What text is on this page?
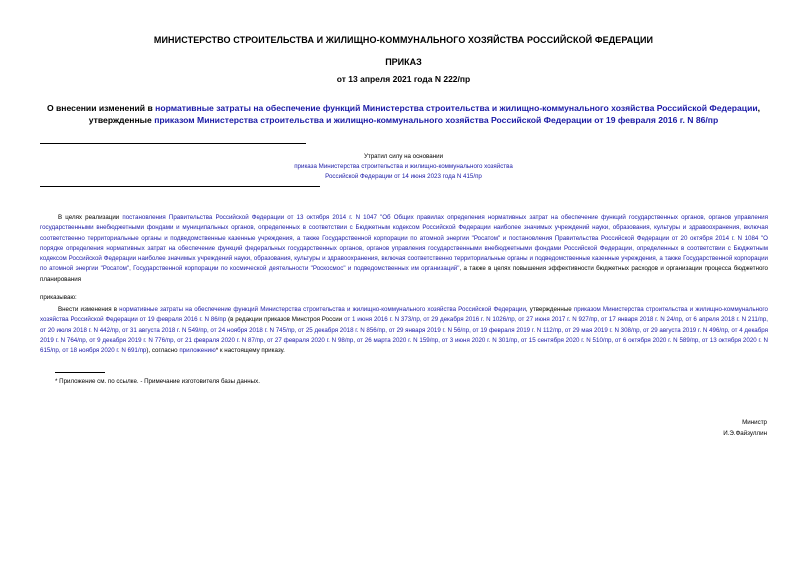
МИНИСТЕРСТВО СТРОИТЕЛЬСТВА И ЖИЛИЩНО-КОММУНАЛЬНОГО ХОЗЯЙСТВА РОССИЙСКОЙ ФЕДЕРАЦИИ
ПРИКАЗ
от 13 апреля 2021 года N 222/пр
О внесении изменений в нормативные затраты на обеспечение функций Министерства строительства и жилищно-коммунального хозяйства Российской Федерации, утвержденные приказом Министерства строительства и жилищно-коммунального хозяйства Российской Федерации от 19 февраля 2016 г. N 86/пр
Утратил силу на основании
приказа Министерства строительства и жилищно-коммунального хозяйства
Российской Федерации от 14 июня 2023 года N 415/пр
В целях реализации постановления Правительства Российской Федерации от 13 октября 2014 г. N 1047 "Об Общих правилах определения нормативных затрат на обеспечение функций государственных органов, органов управления государственными внебюджетными фондами и муниципальных органов, определенных в соответствии с Бюджетным кодексом Российской Федерации наиболее значимых учреждений науки, образования, культуры и здравоохранения, включая соответственно территориальные органы и подведомственные казенные учреждения, а также Государственной корпорации по атомной энергии "Росатом" и постановления Правительства Российской Федерации от 20 октября 2014 г. N 1084 "О порядке определения нормативных затрат на обеспечение функций федеральных государственных органов, органов управления государственными внебюджетными фондами Российской Федерации, определенных в соответствии с Бюджетным кодексом Российской Федерации наиболее значимых учреждений науки, образования, культуры и здравоохранения, включая соответственно территориальные органы и подведомственные казенные учреждения, а также Государственной корпорации по атомной энергии "Росатом", Государственной корпорации по космической деятельности "Роскосмос" и подведомственных им организаций", а также в целях повышения эффективности бюджетных расходов и организации процесса бюджетного планирования
приказываю:
Внести изменения в нормативные затраты на обеспечение функций Министерства строительства и жилищно-коммунального хозяйства Российской Федерации, утвержденные приказом Министерства строительства и жилищно-коммунального хозяйства Российской Федерации от 19 февраля 2016 г. N 86/пр (в редакции приказов Минстроя России от 1 июня 2016 г. N 373/пр, от 29 декабря 2016 г. N 1026/пр, от 27 июня 2017 г. N 927/пр, от 17 января 2018 г. N 24/пр, от 6 апреля 2018 г. N 211/пр, от 20 июля 2018 г. N 442/пр, от 31 августа 2018 г. N 549/пр, от 24 ноября 2018 г. N 745/пр, от 25 декабря 2018 г. N 856/пр, от 29 января 2019 г. N 56/пр, от 19 февраля 2019 г. N 112/пр, от 29 мая 2019 г. N 308/пр, от 29 августа 2019 г. N 496/пр, от 4 декабря 2019 г. N 764/пр, от 9 декабря 2019 г. N 776/пр, от 21 февраля 2020 г. N 87/пр, от 27 февраля 2020 г. N 98/пр, от 26 марта 2020 г. N 159/пр, от 3 июня 2020 г. N 301/пр, от 15 сентября 2020 г. N 510/пр, от 6 октября 2020 г. N 589/пр, от 13 октября 2020 г. N 615/пр, от 18 ноября 2020 г. N 691/пр), согласно приложению* к настоящему приказу.
* Приложение см. по ссылке. - Примечание изготовителя базы данных.
Министр
И.Э.Файзуллин
